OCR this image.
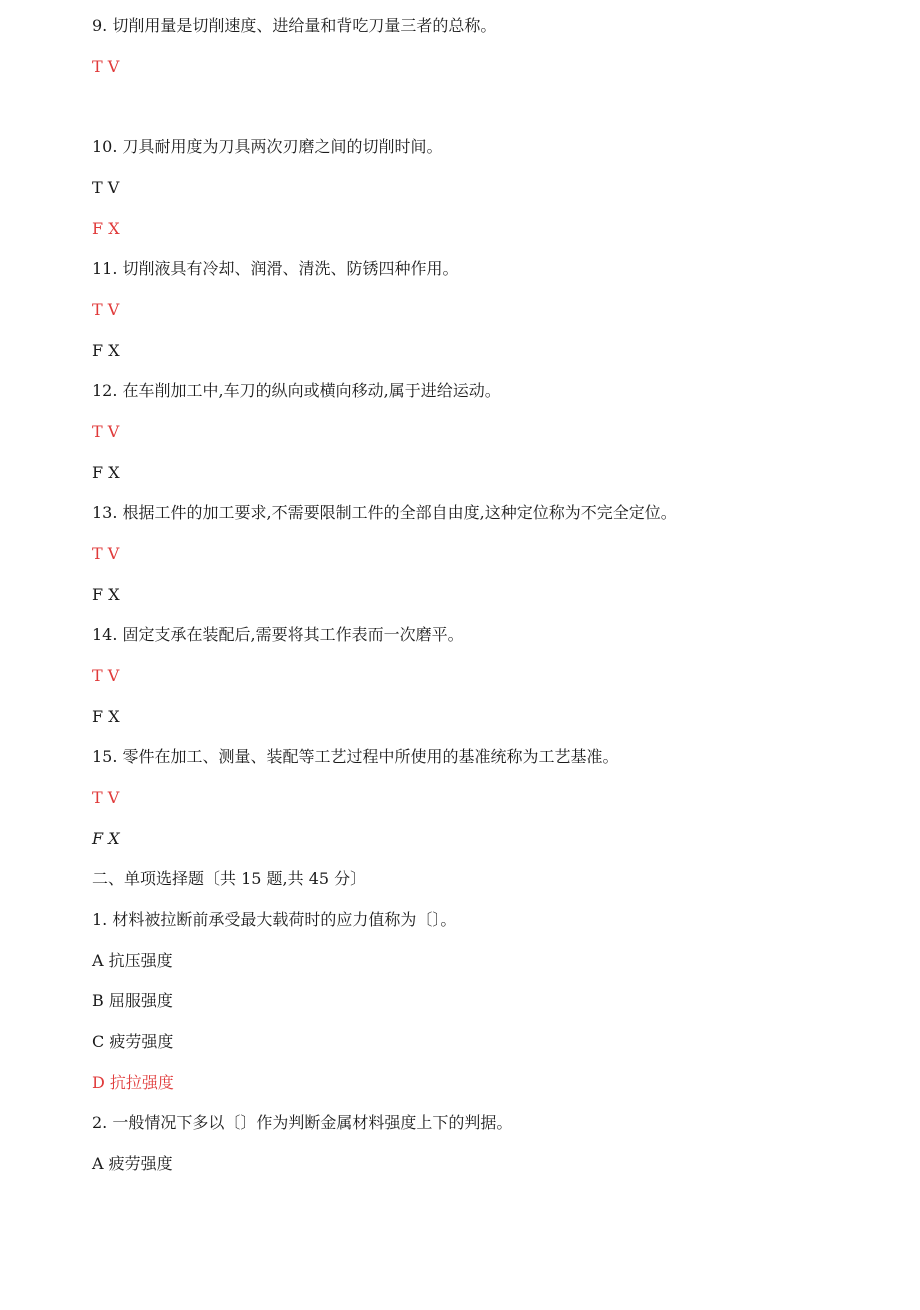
9. 切削用量是切削速度、进给量和背吃刀量三者的总称。
T V
10. 刀具耐用度为刀具两次刃磨之间的切削时间。
T V
F X
11. 切削液具有冷却、润滑、清洗、防锈四种作用。
T V
F X
12. 在车削加工中,车刀的纵向或横向移动,属于进给运动。
T V
F X
13. 根据工件的加工要求,不需要限制工件的全部自由度,这种定位称为不完全定位。
T V
F X
14. 固定支承在装配后,需要将其工作表而一次磨平。
T V
F X
15. 零件在加工、测量、装配等工艺过程中所使用的基准统称为工艺基准。
T V
F X
二、单项选择题〔共 15 题,共 45 分〕
1. 材料被拉断前承受最大载荷时的应力值称为〔〕。
A 抗压强度
B 屈服强度
C 疲劳强度
D 抗拉强度
2. 一般情况下多以〔〕作为判断金属材料强度上下的判据。
A 疲劳强度
